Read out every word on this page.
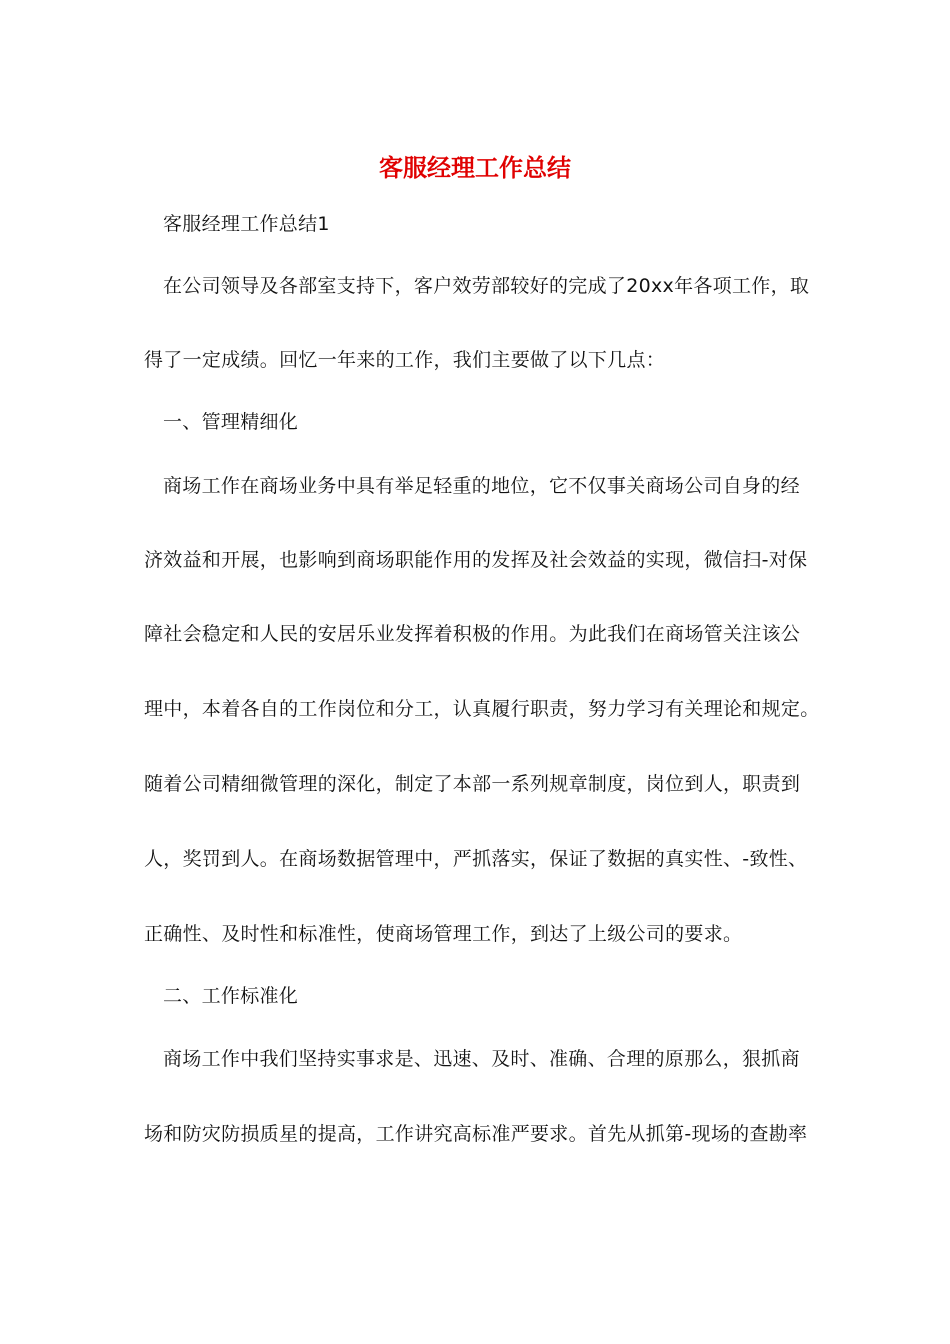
客服经理工作总结
客服经理工作总结1
在公司领导及各部室支持下，客户效劳部较好的完成了20xx年各项工作，取
得了一定成绩。回忆一年来的工作，我们主要做了以下几点：
一、管理精细化
商场工作在商场业务中具有举足轻重的地位，它不仅事关商场公司自身的经
济效益和开展，也影响到商场职能作用的发挥及社会效益的实现，微信扫-对保
障社会稳定和人民的安居乐业发挥着积极的作用。为此我们在商场管关注该公
理中，本着各自的工作岗位和分工，认真履行职责，努力学习有关理论和规定。
随着公司精细微管理的深化，制定了本部一系列规章制度，岗位到人，职责到
人，奖罚到人。在商场数据管理中，严抓落实，保证了数据的真实性、-致性、
正确性、及时性和标准性，使商场管理工作，到达了上级公司的要求。
二、工作标准化
商场工作中我们坚持实事求是、迅速、及时、准确、合理的原那么，狠抓商
场和防灾防损质星的提高，工作讲究高标准严要求。首先从抓第-现场的查勘率
